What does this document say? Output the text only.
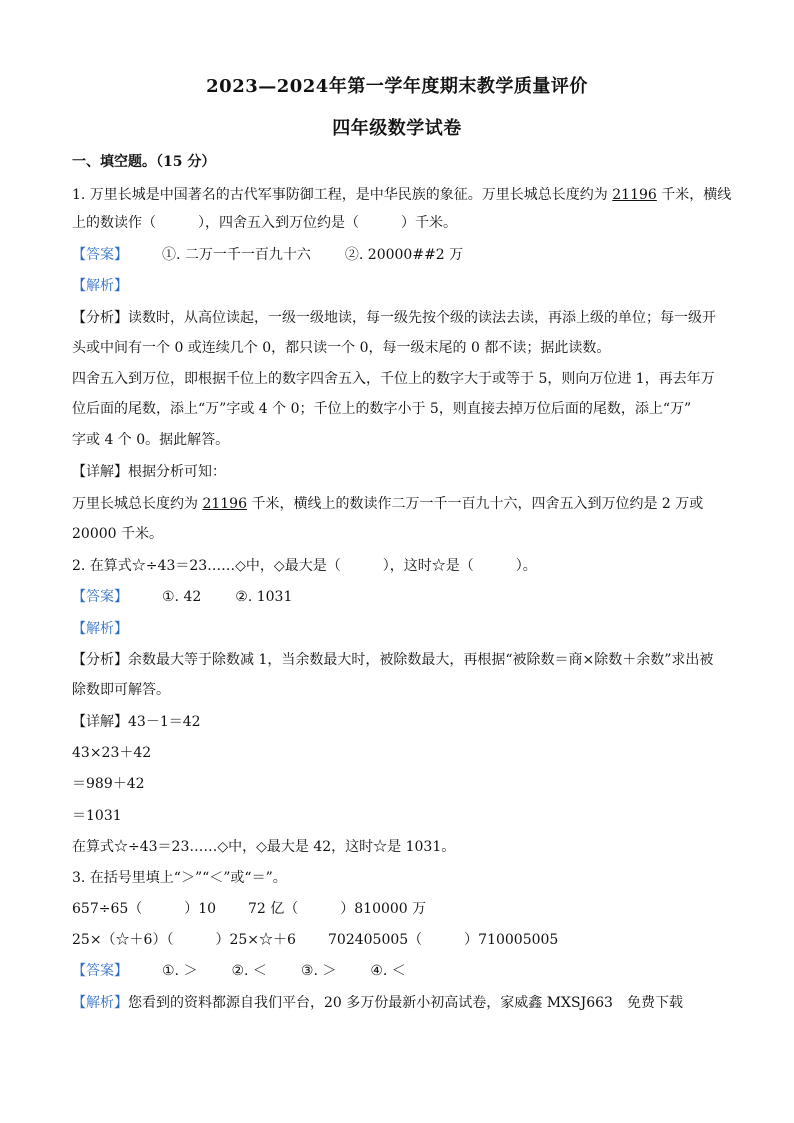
2023—2024年第一学年度期末教学质量评价
四年级数学试卷
一、填空题。（15 分）
1. 万里长城是中国著名的古代军事防御工程，是中华民族的象征。万里长城总长度约为 21196 千米，横线
上的数读作（　　　），四舍五入到万位约是（　　　）千米。
【答案】 ①. 二万一千一百九十六 ②. 20000##2 万
【解析】
【分析】读数时，从高位读起，一级一级地读，每一级先按个级的读法去读，再添上级的单位；每一级开
头或中间有一个 0 或连续几个 0，都只读一个 0，每一级末尾的 0 都不读；据此读数。
四舍五入到万位，即根据千位上的数字四舍五入，千位上的数字大于或等于 5，则向万位进 1，再去年万
位后面的尾数，添上“万”字或 4 个 0；千位上的数字小于 5，则直接去掉万位后面的尾数，添上“万”
字或 4 个 0。据此解答。
【详解】根据分析可知：
万里长城总长度约为 21196 千米，横线上的数读作二万一千一百九十六，四舍五入到万位约是 2 万或
20000 千米。
2. 在算式☆÷43＝23……◇中，◇最大是（　　　），这时☆是（　　　）。
【答案】 ①. 42 ②. 1031
【解析】
【分析】余数最大等于除数减 1，当余数最大时，被除数最大，再根据“被除数＝商×除数＋余数”求出被
除数即可解答。
【详解】43－1＝42
43×23＋42
＝989＋42
＝1031
在算式☆÷43＝23……◇中，◇最大是 42，这时☆是 1031。
3. 在括号里填上“＞”“＜”或“＝”。
657÷65（　　　）10 72 亿（　　　）810000 万
25×（☆＋6）（　　　）25×☆＋6 702405005（　　　）710005005
【答案】 ①. ＞ ②. ＜ ③. ＞ ④. ＜
【解析】您看到的资料都源自我们平台，20 多万份最新小初高试卷，家威鑫 MXSJ663　免费下载
